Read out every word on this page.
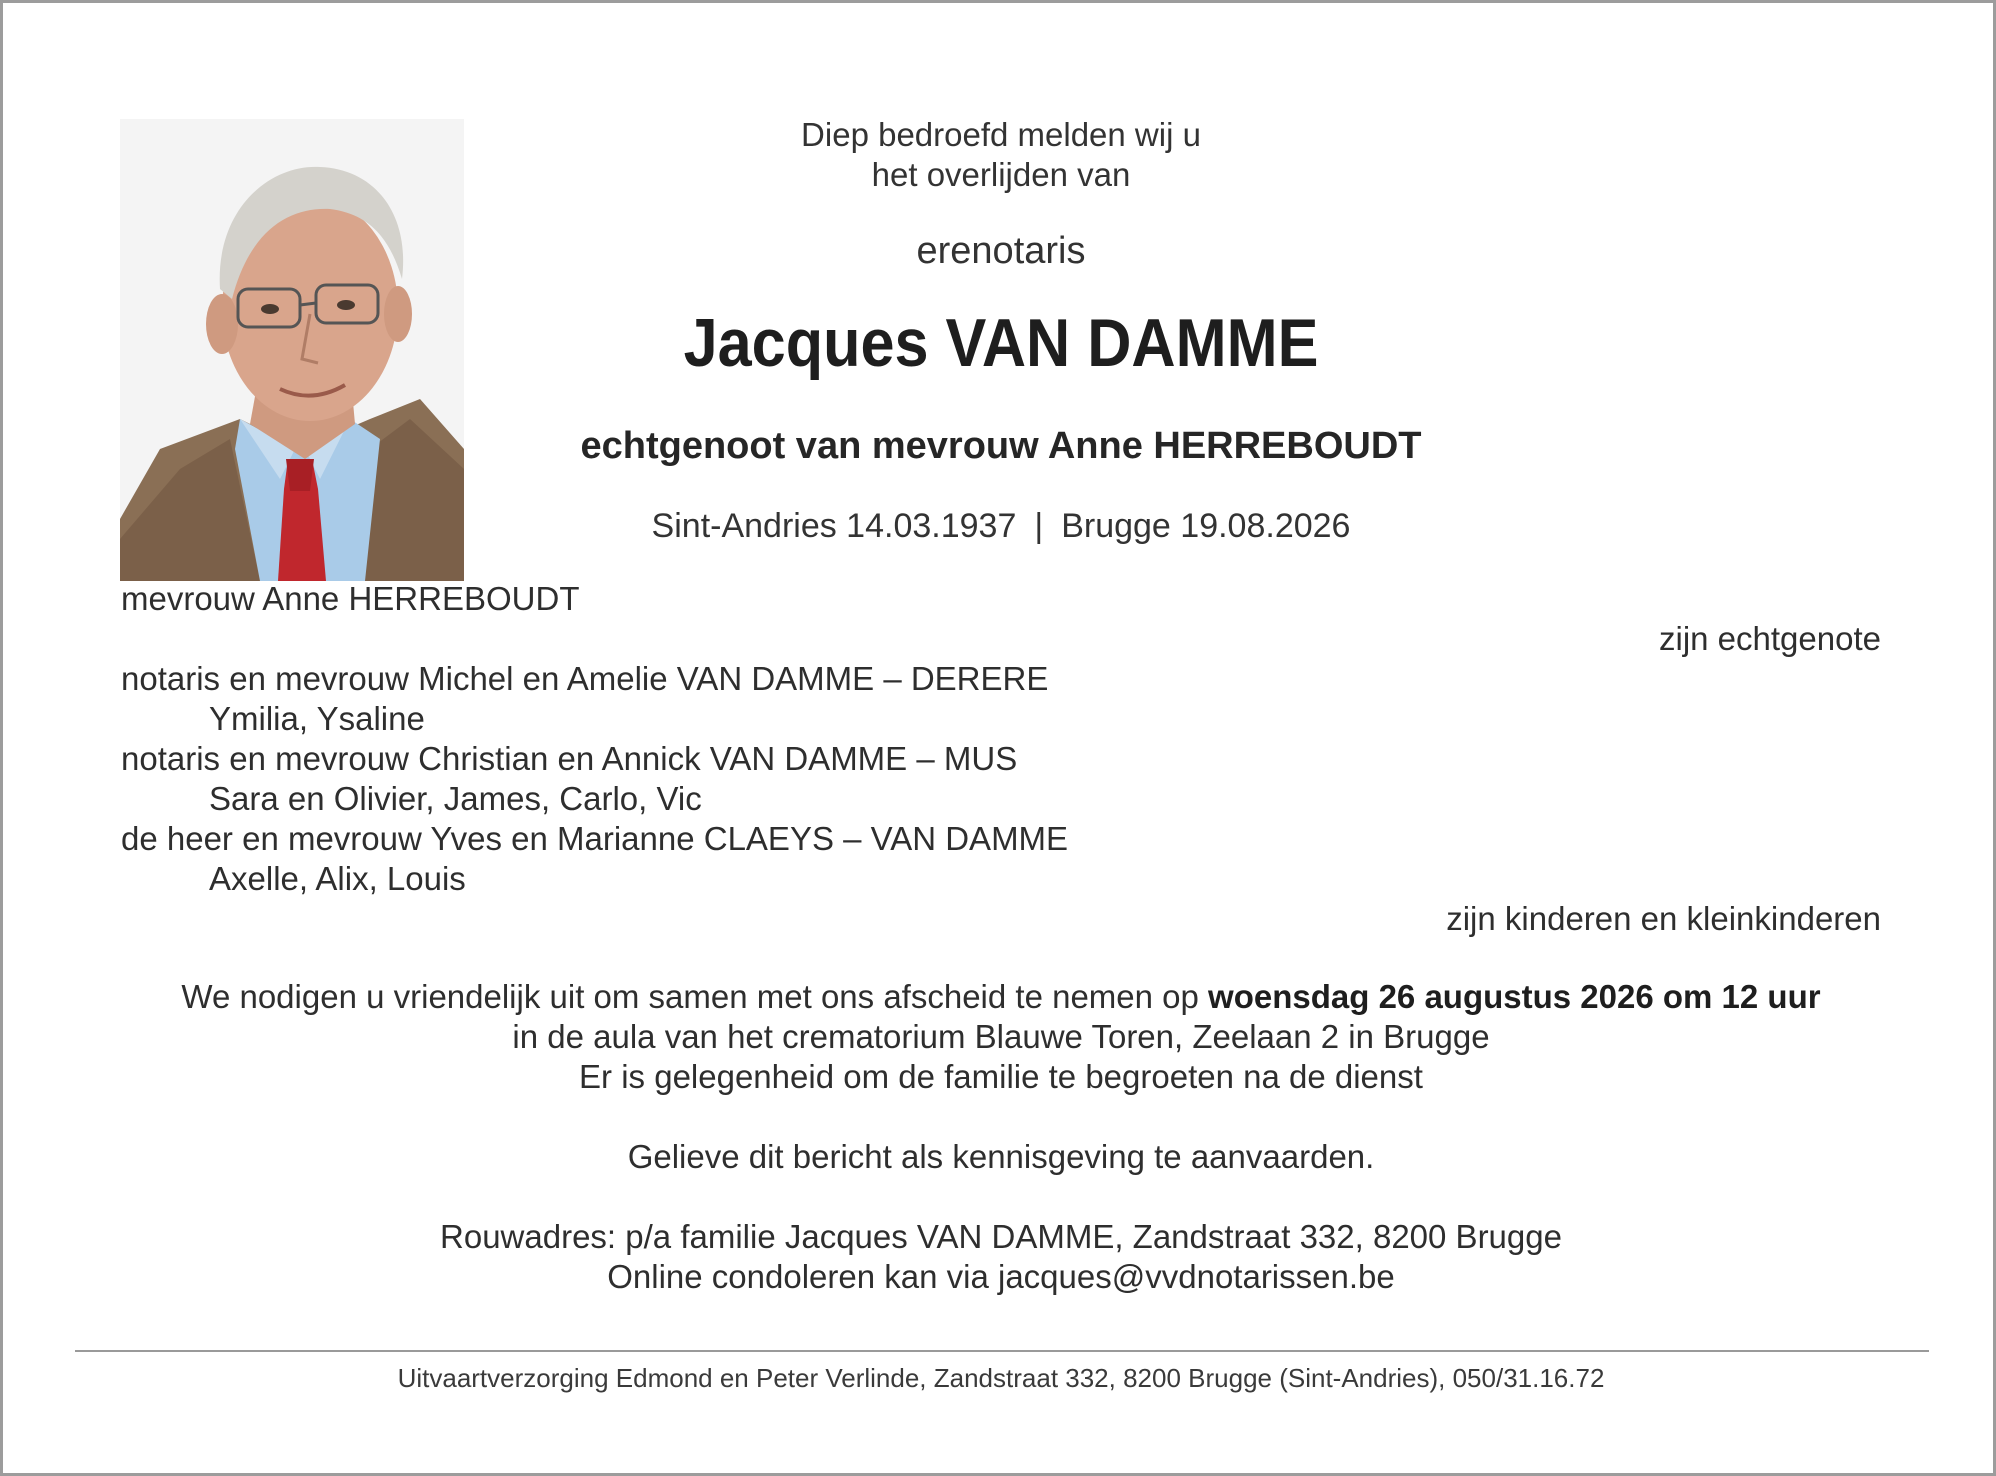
Diep bedroefd melden wij u
het overlijden van
erenotaris
Jacques VAN DAMME
echtgenoot van mevrouw Anne HERREBOUDT
Sint-Andries 14.03.1937 | Brugge 19.08.2026
mevrouw Anne HERREBOUDT
zijn echtgenote
notaris en mevrouw Michel en Amelie VAN DAMME – DERERE
Ymilia, Ysaline
notaris en mevrouw Christian en Annick VAN DAMME – MUS
Sara en Olivier, James, Carlo, Vic
de heer en mevrouw Yves en Marianne CLAEYS – VAN DAMME
Axelle, Alix, Louis
zijn kinderen en kleinkinderen
We nodigen u vriendelijk uit om samen met ons afscheid te nemen op woensdag 26 augustus 2026 om 12 uur
in de aula van het crematorium Blauwe Toren, Zeelaan 2 in Brugge
Er is gelegenheid om de familie te begroeten na de dienst
Gelieve dit bericht als kennisgeving te aanvaarden.
Rouwadres: p/a familie Jacques VAN DAMME, Zandstraat 332, 8200 Brugge
Online condoleren kan via jacques@vvdnotarissen.be
Uitvaartverzorging Edmond en Peter Verlinde, Zandstraat 332, 8200 Brugge (Sint-Andries), 050/31.16.72
